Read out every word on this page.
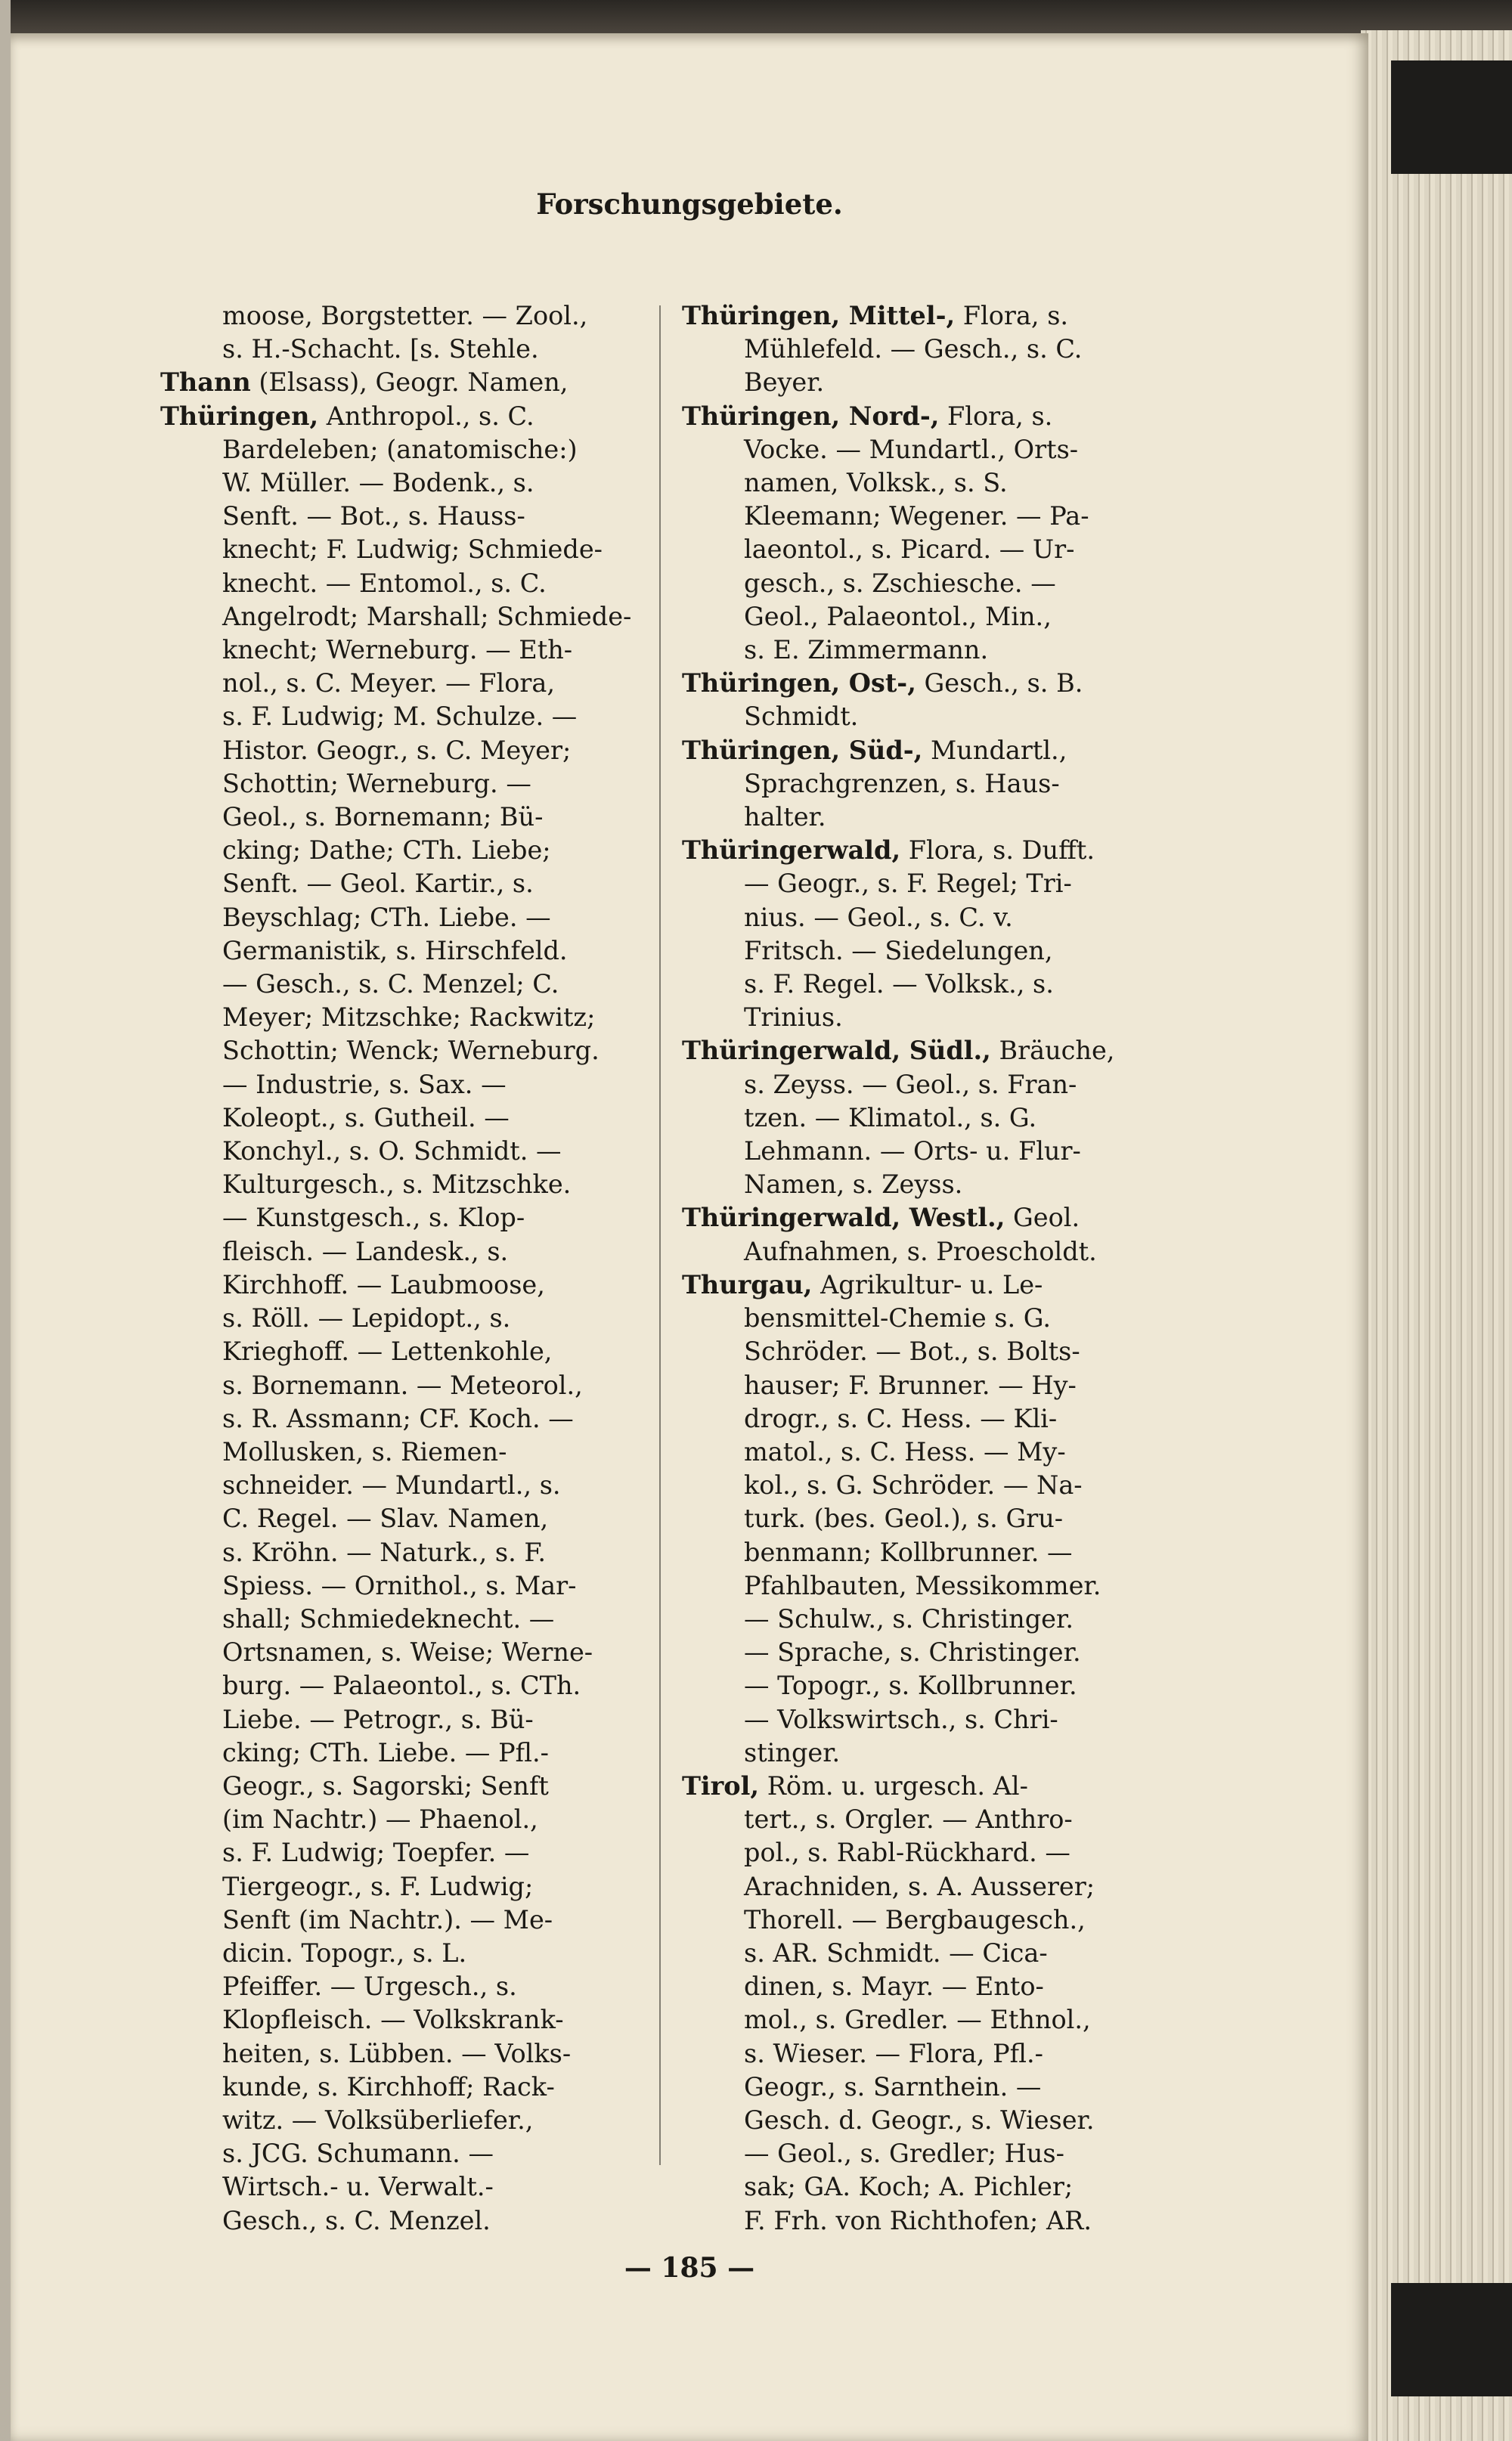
Forschungsgebiete.
moose, Borgstetter. — Zool.,
s. H.-Schacht. [s. Stehle.
Thann (Elsass), Geogr. Namen,
Thüringen, Anthropol., s. C.
Bardeleben; (anatomische:)
W. Müller. — Bodenk., s.
Senft. — Bot., s. Hauss-
knecht; F. Ludwig; Schmiede-
knecht. — Entomol., s. C.
Angelrodt; Marshall; Schmiede-
knecht; Werneburg. — Eth-
nol., s. C. Meyer. — Flora,
s. F. Ludwig; M. Schulze. —
Histor. Geogr., s. C. Meyer;
Schottin; Werneburg. —
Geol., s. Bornemann; Bü-
cking; Dathe; CTh. Liebe;
Senft. — Geol. Kartir., s.
Beyschlag; CTh. Liebe. —
Germanistik, s. Hirschfeld.
— Gesch., s. C. Menzel; C.
Meyer; Mitzschke; Rackwitz;
Schottin; Wenck; Werneburg.
— Industrie, s. Sax. —
Koleopt., s. Gutheil. —
Konchyl., s. O. Schmidt. —
Kulturgesch., s. Mitzschke.
— Kunstgesch., s. Klop-
fleisch. — Landesk., s.
Kirchhoff. — Laubmoose,
s. Röll. — Lepidopt., s.
Krieghoff. — Lettenkohle,
s. Bornemann. — Meteorol.,
s. R. Assmann; CF. Koch. —
Mollusken, s. Riemen-
schneider. — Mundartl., s.
C. Regel. — Slav. Namen,
s. Kröhn. — Naturk., s. F.
Spiess. — Ornithol., s. Mar-
shall; Schmiedeknecht. —
Ortsnamen, s. Weise; Werne-
burg. — Palaeontol., s. CTh.
Liebe. — Petrogr., s. Bü-
cking; CTh. Liebe. — Pfl.-
Geogr., s. Sagorski; Senft
(im Nachtr.) — Phaenol.,
s. F. Ludwig; Toepfer. —
Tiergeogr., s. F. Ludwig;
Senft (im Nachtr.). — Me-
dicin. Topogr., s. L.
Pfeiffer. — Urgesch., s.
Klopfleisch. — Volkskrank-
heiten, s. Lübben. — Volks-
kunde, s. Kirchhoff; Rack-
witz. — Volksüberliefer.,
s. JCG. Schumann. —
Wirtsch.- u. Verwalt.-
Gesch., s. C. Menzel.
Thüringen, Mittel-, Flora, s.
Mühlefeld. — Gesch., s. C.
Beyer.
Thüringen, Nord-, Flora, s.
Vocke. — Mundartl., Orts-
namen, Volksk., s. S.
Kleemann; Wegener. — Pa-
laeontol., s. Picard. — Ur-
gesch., s. Zschiesche. —
Geol., Palaeontol., Min.,
s. E. Zimmermann.
Thüringen, Ost-, Gesch., s. B.
Schmidt.
Thüringen, Süd-, Mundartl.,
Sprachgrenzen, s. Haus-
halter.
Thüringerwald, Flora, s. Dufft.
— Geogr., s. F. Regel; Tri-
nius. — Geol., s. C. v.
Fritsch. — Siedelungen,
s. F. Regel. — Volksk., s.
Trinius.
Thüringerwald, Südl., Bräuche,
s. Zeyss. — Geol., s. Fran-
tzen. — Klimatol., s. G.
Lehmann. — Orts- u. Flur-
Namen, s. Zeyss.
Thüringerwald, Westl., Geol.
Aufnahmen, s. Proescholdt.
Thurgau, Agrikultur- u. Le-
bensmittel-Chemie s. G.
Schröder. — Bot., s. Bolts-
hauser; F. Brunner. — Hy-
drogr., s. C. Hess. — Kli-
matol., s. C. Hess. — My-
kol., s. G. Schröder. — Na-
turk. (bes. Geol.), s. Gru-
benmann; Kollbrunner. —
Pfahlbauten, Messikommer.
— Schulw., s. Christinger.
— Sprache, s. Christinger.
— Topogr., s. Kollbrunner.
— Volkswirtsch., s. Chri-
stinger.
Tirol, Röm. u. urgesch. Al-
tert., s. Orgler. — Anthro-
pol., s. Rabl-Rückhard. —
Arachniden, s. A. Ausserer;
Thorell. — Bergbaugesch.,
s. AR. Schmidt. — Cica-
dinen, s. Mayr. — Ento-
mol., s. Gredler. — Ethnol.,
s. Wieser. — Flora, Pfl.-
Geogr., s. Sarnthein. —
Gesch. d. Geogr., s. Wieser.
— Geol., s. Gredler; Hus-
sak; GA. Koch; A. Pichler;
F. Frh. von Richthofen; AR.
— 185 —
